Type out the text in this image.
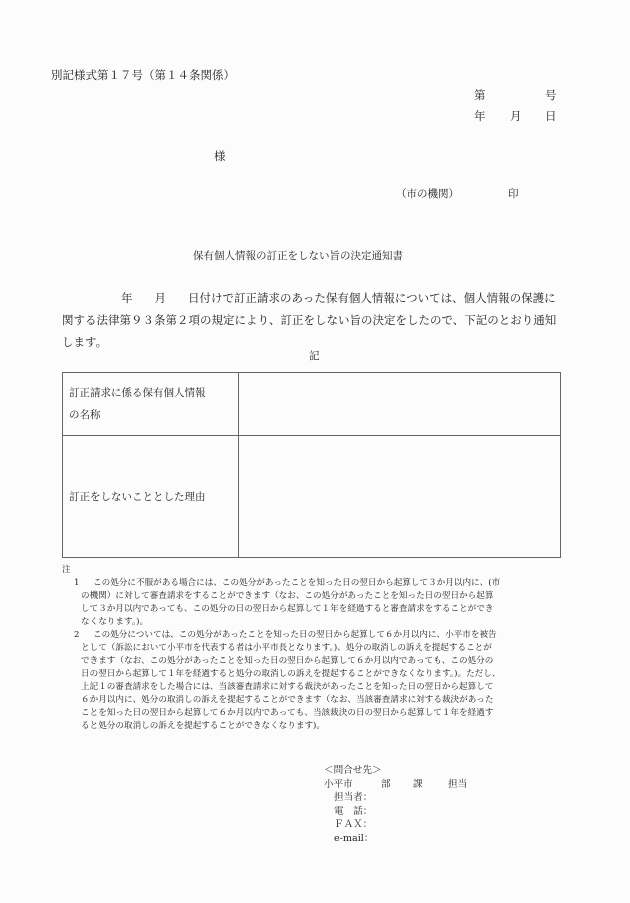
別記様式第１７号（第１４条関係）
第	号
年 月 日
様
（市の機関）	印
保有個人情報の訂正をしない旨の決定通知書
年 月 日付けで訂正請求のあった保有個人情報については、個人情報の保護に
関する法律第９３条第２項の規定により、訂正をしない旨の決定をしたので、下記のとおり通知
します。
記
訂正請求に係る保有個人情報
の名称	

訂正をしないこととした理由	
注
1	この処分に不服がある場合には、この処分があったことを知った日の翌日から起算して３か月以内に、(市
の機関）に対して審査請求をすることができます（なお、この処分があったことを知った日の翌日から起算
して３か月以内であっても、この処分の日の翌日から起算して１年を経過すると審査請求をすることができ
なくなります。)。
2	この処分については、この処分があったことを知った日の翌日から起算して６か月以内に、小平市を被告
として（訴訟において小平市を代表する者は小平市長となります。)、処分の取消しの訴えを提起することが
できます（なお、この処分があったことを知った日の翌日から起算して６か月以内であっても、この処分の
日の翌日から起算して１年を経過すると処分の取消しの訴えを提起することができなくなります。)。ただし、
上記１の審査請求をした場合には、当該審査請求に対する裁決があったことを知った日の翌日から起算して
６か月以内に、処分の取消しの訴えを提起することができます（なお、当該審査請求に対する裁決があった
ことを知った日の翌日から起算して６か月以内であっても、当該裁決の日の翌日から起算して１年を経過す
ると処分の取消しの訴えを提起することができなくなります)。
＜問合せ先＞
小平市	部 課	担当
担当者：
電　話：
ＦＡＸ：
e-mail：
